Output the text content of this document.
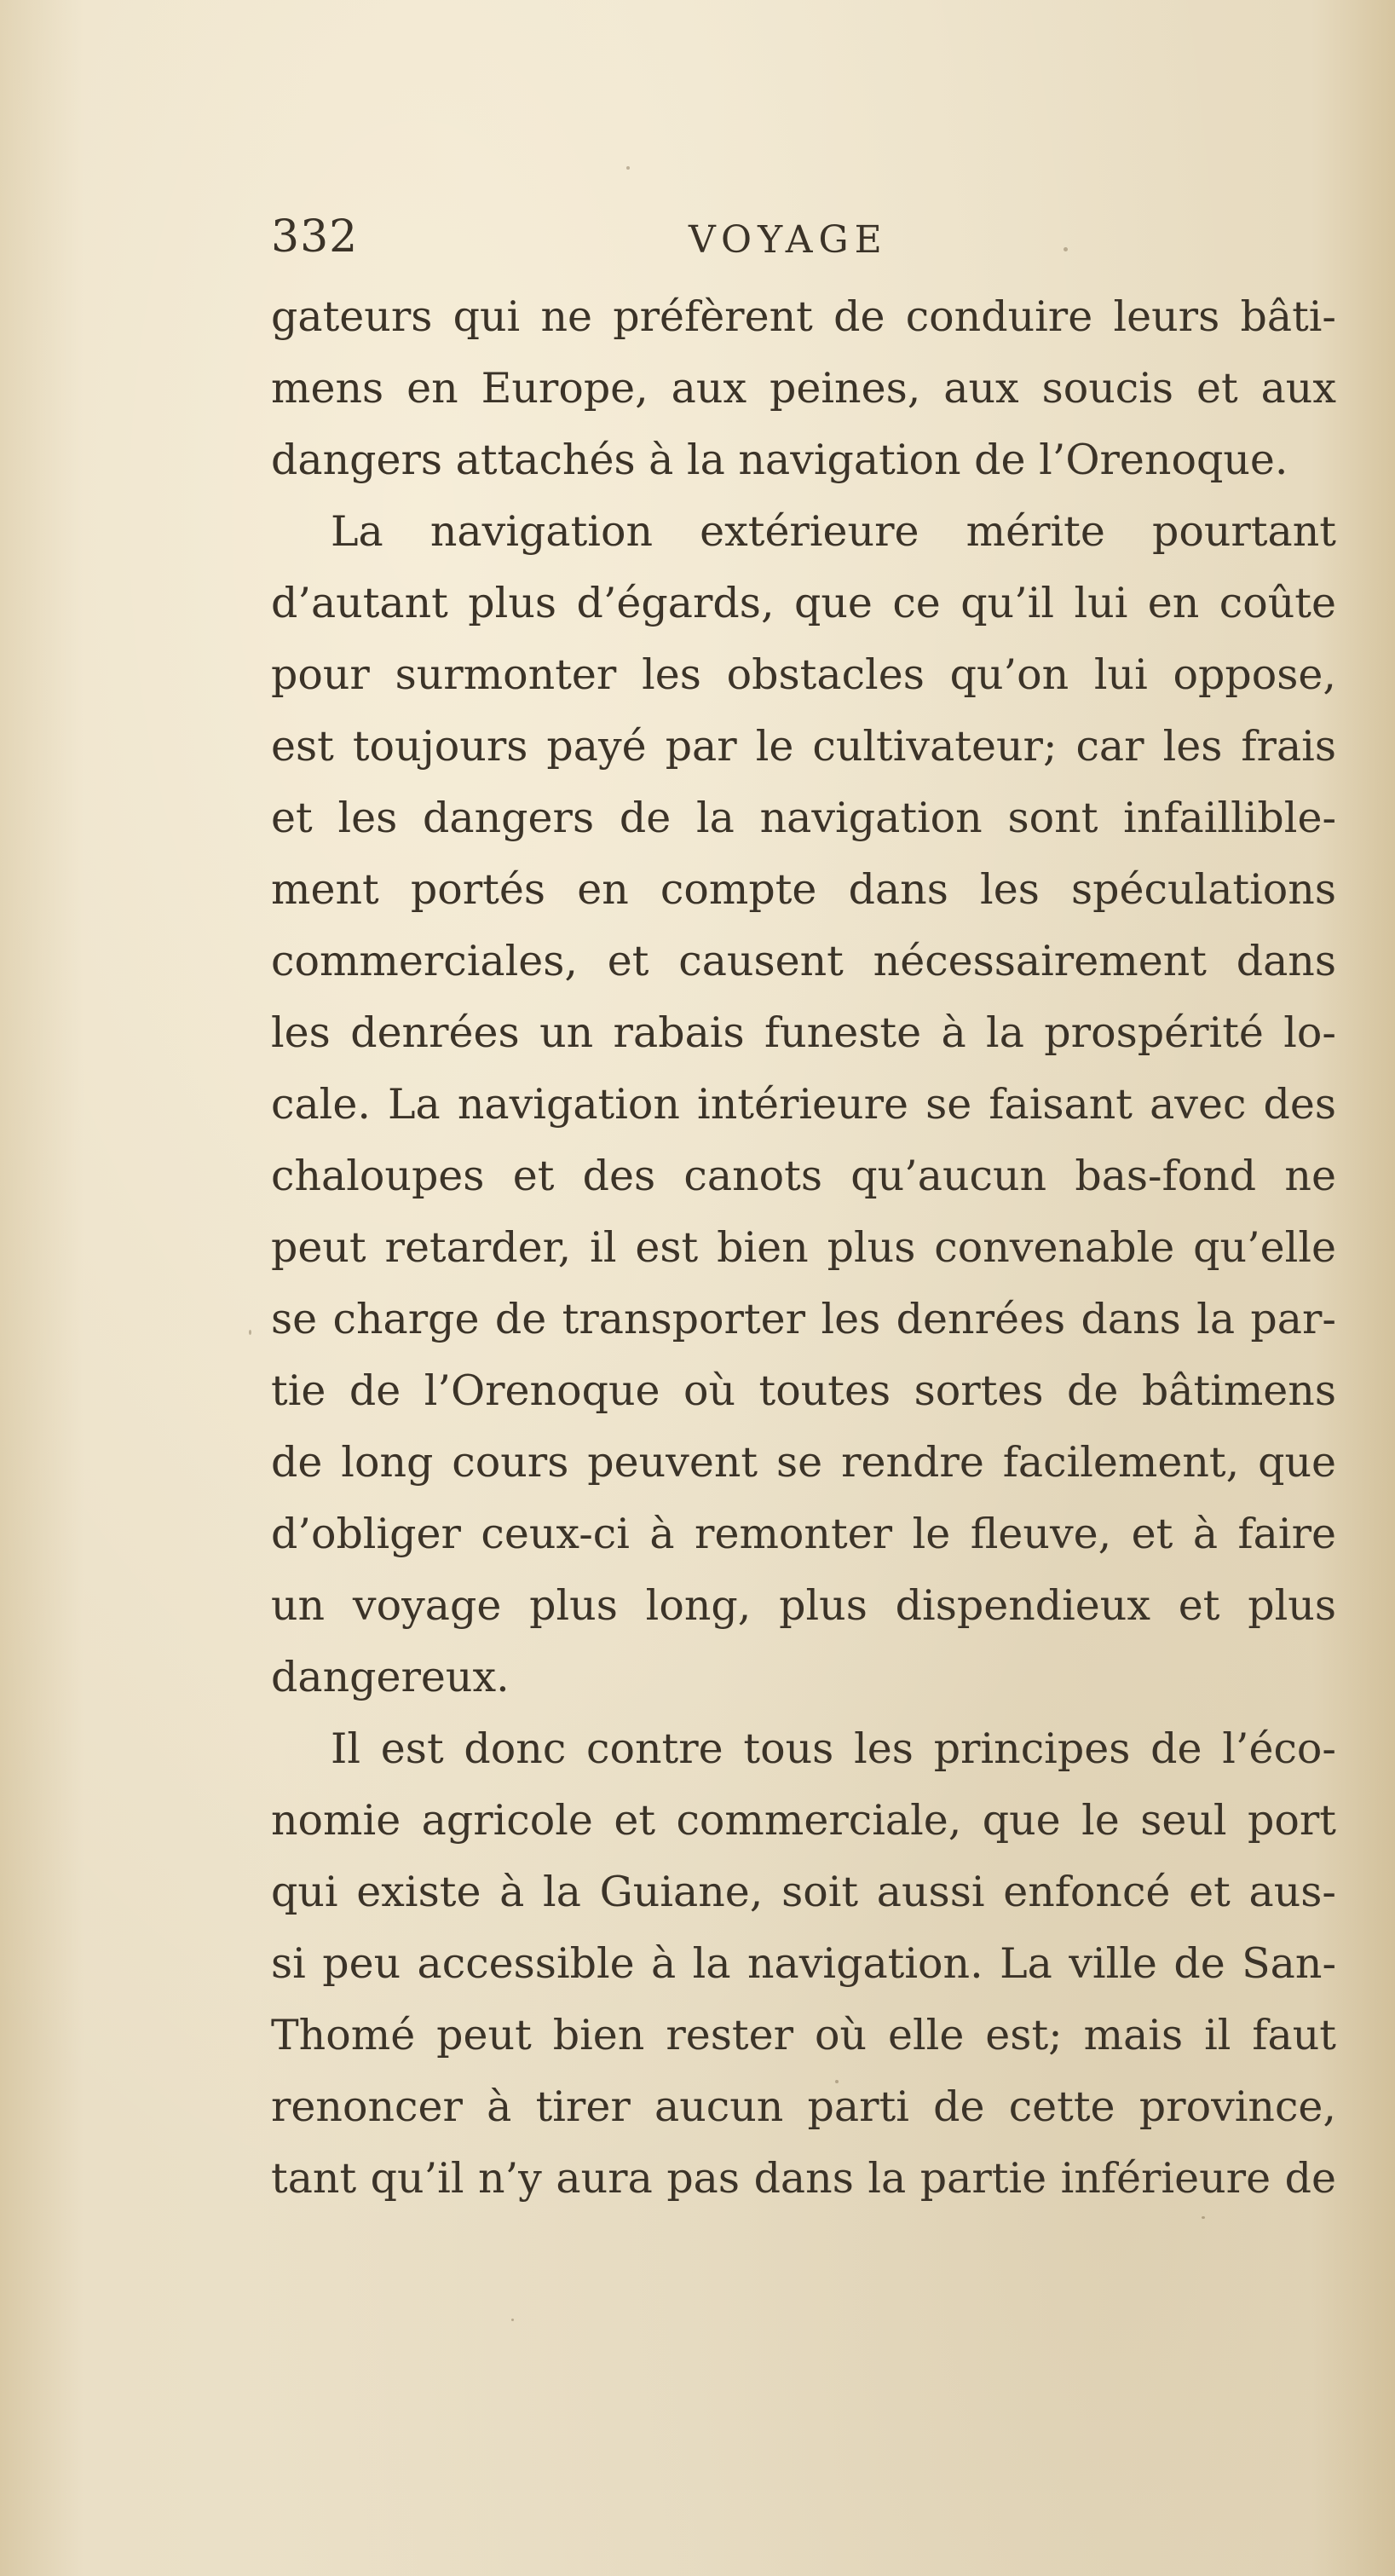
332	VOYAGE
gateurs qui ne préfèrent de conduire leurs bâti-
mens en Europe, aux peines, aux soucis et aux
dangers attachés à la navigation de l’Orenoque.
La navigation extérieure mérite pourtant
d’autant plus d’égards, que ce qu’il lui en coûte
pour surmonter les obstacles qu’on lui oppose,
est toujours payé par le cultivateur; car les frais
et les dangers de la navigation sont infaillible-
ment portés en compte dans les spéculations
commerciales, et causent nécessairement dans
les denrées un rabais funeste à la prospérité lo-
cale. La navigation intérieure se faisant avec des
chaloupes et des canots qu’aucun bas-fond ne
peut retarder, il est bien plus convenable qu’elle
se charge de transporter les denrées dans la par-
tie de l’Orenoque où toutes sortes de bâtimens
de long cours peuvent se rendre facilement, que
d’obliger ceux-ci à remonter le fleuve, et à faire
un voyage plus long, plus dispendieux et plus
dangereux.
Il est donc contre tous les principes de l’éco-
nomie agricole et commerciale, que le seul port
qui existe à la Guiane, soit aussi enfoncé et aus-
si peu accessible à la navigation. La ville de San-
Thomé peut bien rester où elle est; mais il faut
renoncer à tirer aucun parti de cette province,
tant qu’il n’y aura pas dans la partie inférieure de
